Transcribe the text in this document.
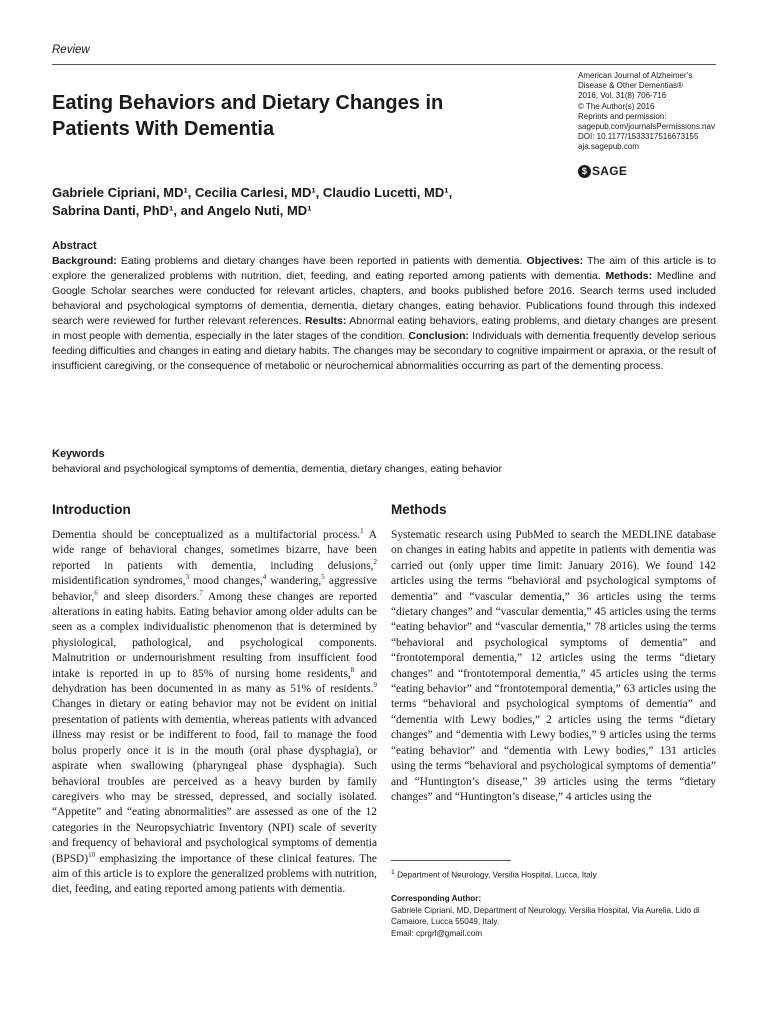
Review
Eating Behaviors and Dietary Changes in Patients With Dementia
American Journal of Alzheimer’s
Disease & Other Dementias®
2016, Vol. 31(8) 706-716
© The Author(s) 2016
Reprints and permission:
sagepub.com/journalsPermissions.nav
DOI: 10.1177/1533317516673155
aja.sagepub.com
$ SAGE
Gabriele Cipriani, MD¹, Cecilia Carlesi, MD¹, Claudio Lucetti, MD¹,
Sabrina Danti, PhD¹, and Angelo Nuti, MD¹
Abstract

Background: Eating problems and dietary changes have been reported in patients with dementia. Objectives: The aim of this article is to explore the generalized problems with nutrition, diet, feeding, and eating reported among patients with dementia. Methods: Medline and Google Scholar searches were conducted for relevant articles, chapters, and books published before 2016. Search terms used included behavioral and psychological symptoms of dementia, dementia, dietary changes, eating behavior. Publications found through this indexed search were reviewed for further relevant references. Results: Abnormal eating behaviors, eating problems, and dietary changes are present in most people with dementia, especially in the later stages of the condition. Conclusion: Individuals with dementia frequently develop serious feeding difficulties and changes in eating and dietary habits. The changes may be secondary to cognitive impairment or apraxia, or the result of insufficient caregiving, or the consequence of metabolic or neurochemical abnormalities occurring as part of the dementing process.

Keywords

behavioral and psychological symptoms of dementia, dementia, dietary changes, eating behavior

Introduction

Dementia should be conceptualized as a multifactorial process.$^1$ A wide range of behavioral changes, sometimes bizarre, have been reported in patients with dementia, including delusions,$^2$ misidentification syndromes,$^3$ mood changes,$^4$ wandering,$^5$ aggressive behavior,$^6$ and sleep disorders.$^7$ Among these changes are reported alterations in eating habits. Eating behavior among older adults can be seen as a complex individualistic phenomenon that is determined by physiological, pathological, and psychological components. Malnutrition or undernourishment resulting from insufficient food intake is reported in up to 85% of nursing home residents,$^8$ and dehydration has been documented in as many as 51% of residents.$^9$ Changes in dietary or eating behavior may not be evident on initial presentation of patients with dementia, whereas patients with advanced illness may resist or be indifferent to food, fail to manage the food bolus properly once it is in the mouth (oral phase dysphagia), or aspirate when swallowing (pharyngeal phase dysphagia). Such behavioral troubles are perceived as a heavy burden by family caregivers who may be stressed, depressed, and socially isolated. “Appetite” and “eating abnormalities” are assessed as one of the 12 categories in the Neuropsychiatric Inventory (NPI) scale of severity and frequency of behavioral and psychological symptoms of dementia (BPSD)$^{10}$ emphasizing the importance of these clinical features. The aim of this article is to explore the generalized problems with nutrition, diet, feeding, and eating reported among patients with dementia.

Methods

Systematic research using PubMed to search the MEDLINE database on changes in eating habits and appetite in patients with dementia was carried out (only upper time limit: January 2016). We found 142 articles using the terms “behavioral and psychological symptoms of dementia” and “vascular dementia,” 36 articles using the terms “dietary changes” and “vascular dementia,” 45 articles using the terms “eating behavior” and “vascular dementia,” 78 articles using the terms “behavioral and psychological symptoms of dementia” and “frontotemporal dementia,” 12 articles using the terms “dietary changes” and “frontotemporal dementia,” 45 articles using the terms “eating behavior” and “frontotemporal dementia,” 63 articles using the terms “behavioral and psychological symptoms of dementia” and “dementia with Lewy bodies,” 2 articles using the terms “dietary changes” and “dementia with Lewy bodies,” 9 articles using the terms “eating behavior” and “dementia with Lewy bodies,” 131 articles using the terms “behavioral and psychological symptoms of dementia” and “Huntington’s disease,” 39 articles using the terms “dietary changes” and “Huntington’s disease,” 4 articles using the

$^1$ Department of Neurology, Versilia Hospital, Lucca, Italy
Corresponding Author:
Gabriele Cipriani, MD, Department of Neurology, Versilia Hospital, Via Aurelia, Lido di Camaiore, Lucca 55049, Italy.
Email: cprgrl@gmail.com
